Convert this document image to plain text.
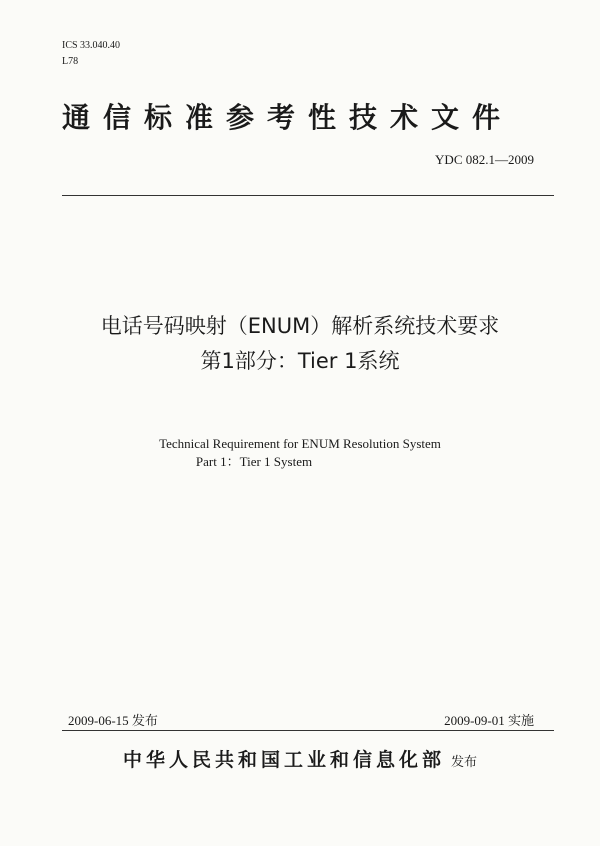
ICS 33.040.40
L78
通信标准参考性技术文件
YDC 082.1—2009
电话号码映射（ENUM）解析系统技术要求
第1部分：Tier 1系统
Technical Requirement for ENUM Resolution System
Part 1：Tier 1 System
2009-06-15 发布	2009-09-01 实施
中华人民共和国工业和信息化部 发布
